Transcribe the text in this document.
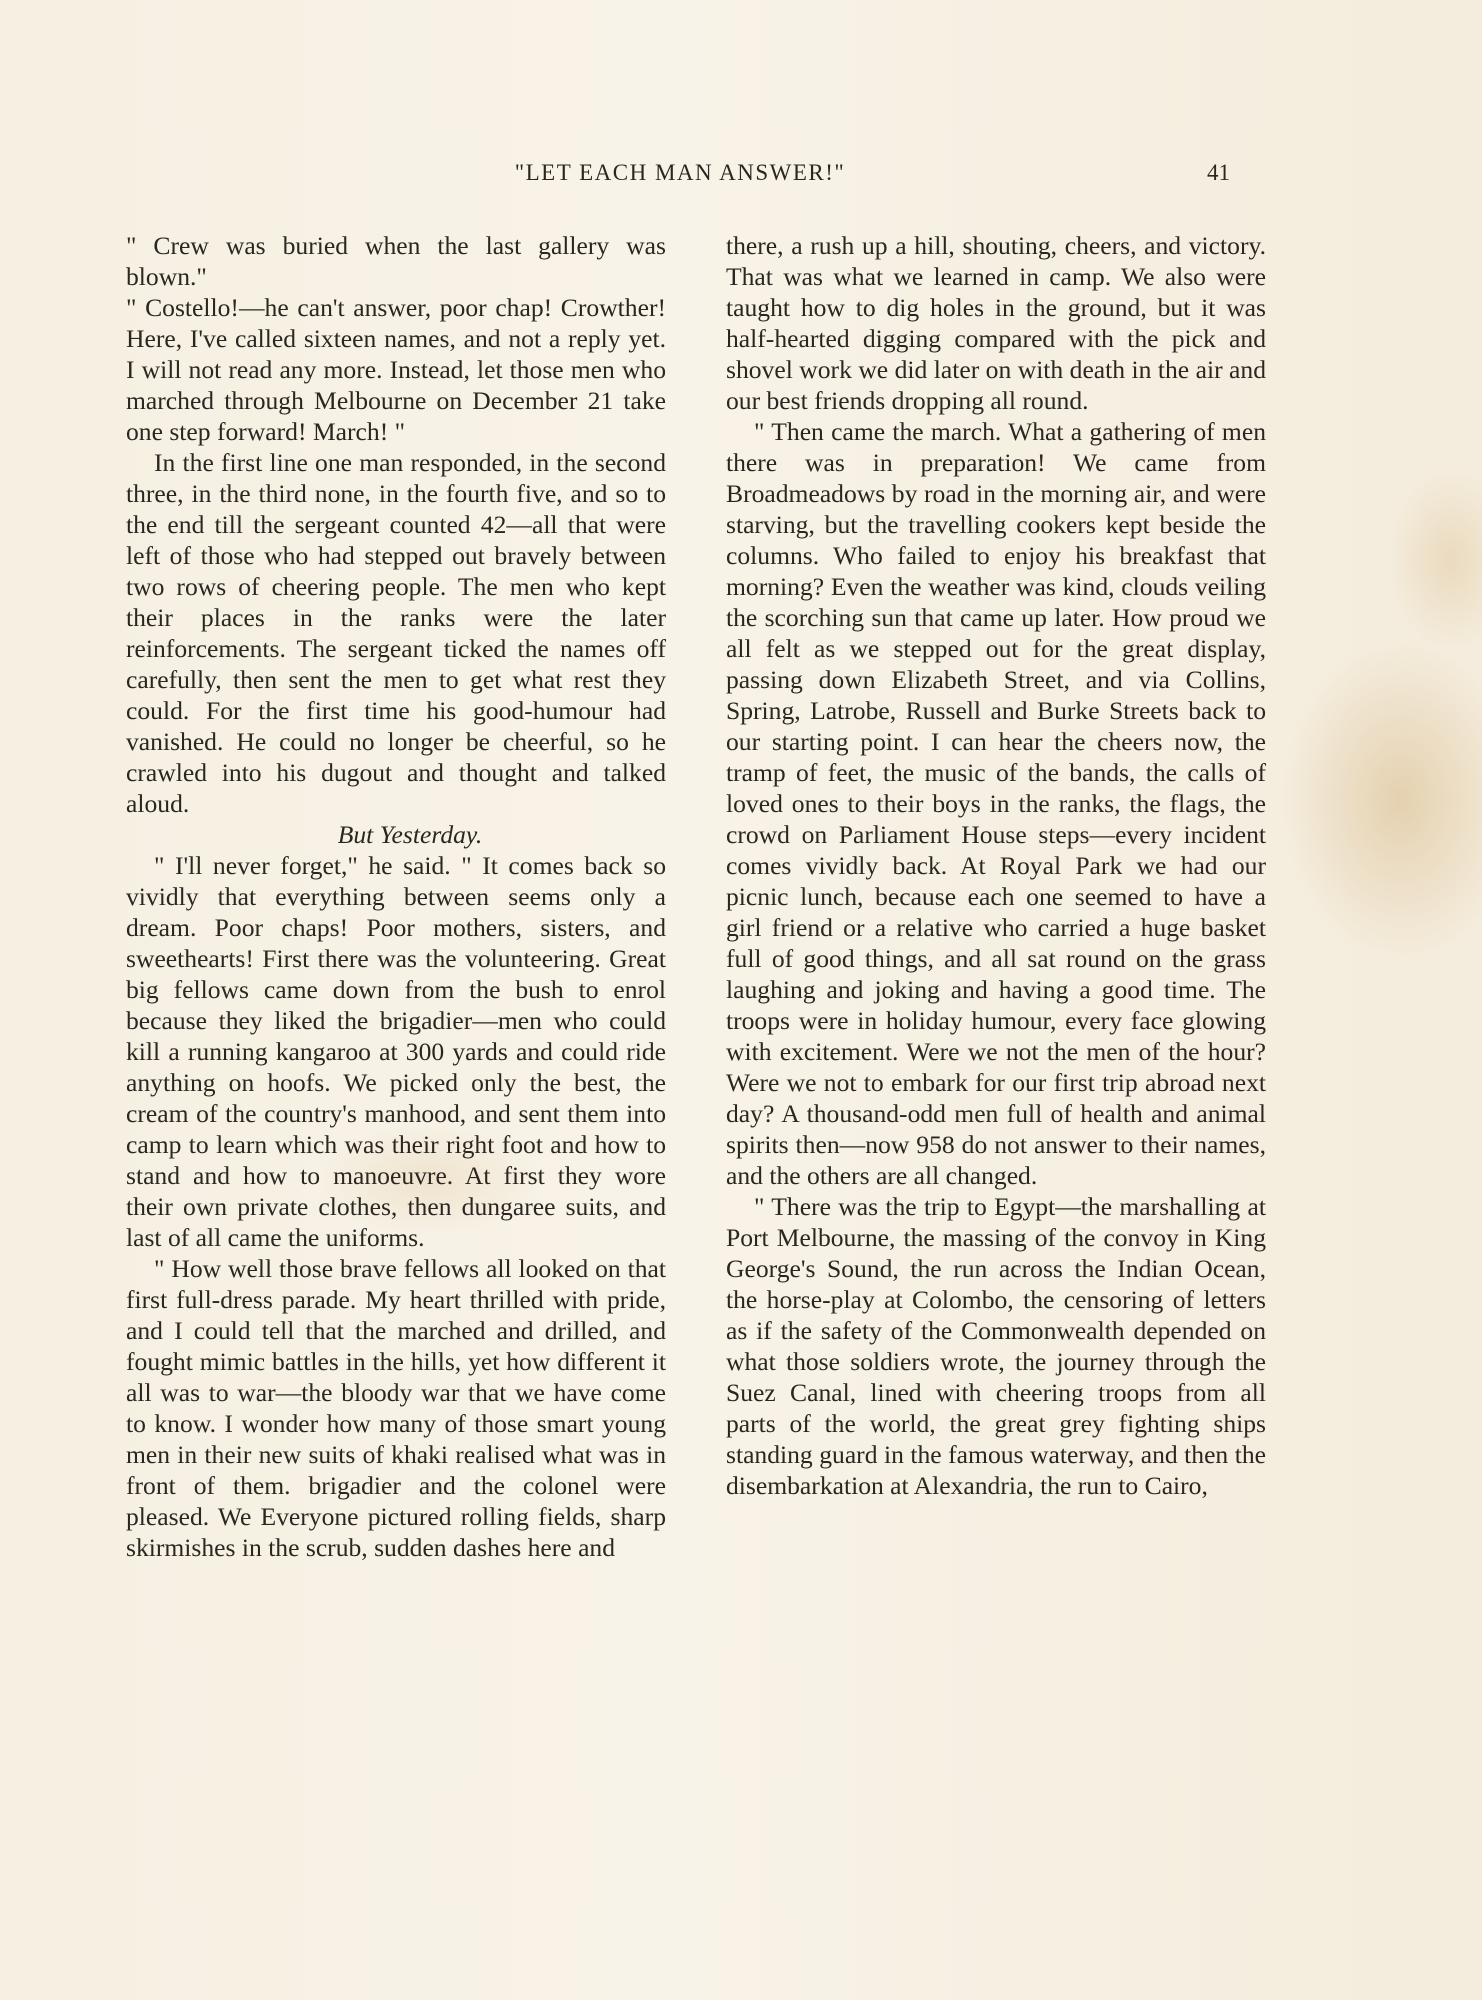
"LET EACH MAN ANSWER!"	41

" Crew was buried when the last gallery was blown."

" Costello!—he can't answer, poor chap! Crowther! Here, I've called sixteen names, and not a reply yet. I will not read any more. Instead, let those men who marched through Melbourne on December 21 take one step forward! March! "

In the first line one man responded, in the second three, in the third none, in the fourth five, and so to the end till the sergeant counted 42—all that were left of those who had stepped out bravely between two rows of cheering people. The men who kept their places in the ranks were the later reinforcements. The sergeant ticked the names off carefully, then sent the men to get what rest they could. For the first time his good-humour had vanished. He could no longer be cheerful, so he crawled into his dugout and thought and talked aloud.

But Yesterday.

" I'll never forget," he said. " It comes back so vividly that everything between seems only a dream. Poor chaps! Poor mothers, sisters, and sweethearts! First there was the volunteering. Great big fellows came down from the bush to enrol because they liked the brigadier—men who could kill a running kangaroo at 300 yards and could ride anything on hoofs. We picked only the best, the cream of the country's manhood, and sent them into camp to learn which was their right foot and how to stand and how to manoeuvre. At first they wore their own private clothes, then dungaree suits, and last of all came the uniforms.

" How well those brave fellows all looked on that first full-dress parade. My heart thrilled with pride, and I could tell that the marched and drilled, and fought mimic battles in the hills, yet how different it all was to war—the bloody war that we have come to know. I wonder how many of those smart young men in their new suits of khaki realised what was in front of them. brigadier and the colonel were pleased. We Everyone pictured rolling fields, sharp skirmishes in the scrub, sudden dashes here and

there, a rush up a hill, shouting, cheers, and victory. That was what we learned in camp. We also were taught how to dig holes in the ground, but it was half-hearted digging compared with the pick and shovel work we did later on with death in the air and our best friends dropping all round.

" Then came the march. What a gathering of men there was in preparation! We came from Broadmeadows by road in the morning air, and were starving, but the travelling cookers kept beside the columns. Who failed to enjoy his breakfast that morning? Even the weather was kind, clouds veiling the scorching sun that came up later. How proud we all felt as we stepped out for the great display, passing down Elizabeth Street, and via Collins, Spring, Latrobe, Russell and Burke Streets back to our starting point. I can hear the cheers now, the tramp of feet, the music of the bands, the calls of loved ones to their boys in the ranks, the flags, the crowd on Parliament House steps—every incident comes vividly back. At Royal Park we had our picnic lunch, because each one seemed to have a girl friend or a relative who carried a huge basket full of good things, and all sat round on the grass laughing and joking and having a good time. The troops were in holiday humour, every face glowing with excitement. Were we not the men of the hour? Were we not to embark for our first trip abroad next day? A thousand-odd men full of health and animal spirits then—now 958 do not answer to their names, and the others are all changed.

" There was the trip to Egypt—the marshalling at Port Melbourne, the massing of the convoy in King George's Sound, the run across the Indian Ocean, the horse-play at Colombo, the censoring of letters as if the safety of the Commonwealth depended on what those soldiers wrote, the journey through the Suez Canal, lined with cheering troops from all parts of the world, the great grey fighting ships standing guard in the famous waterway, and then the disembarkation at Alexandria, the run to Cairo,
